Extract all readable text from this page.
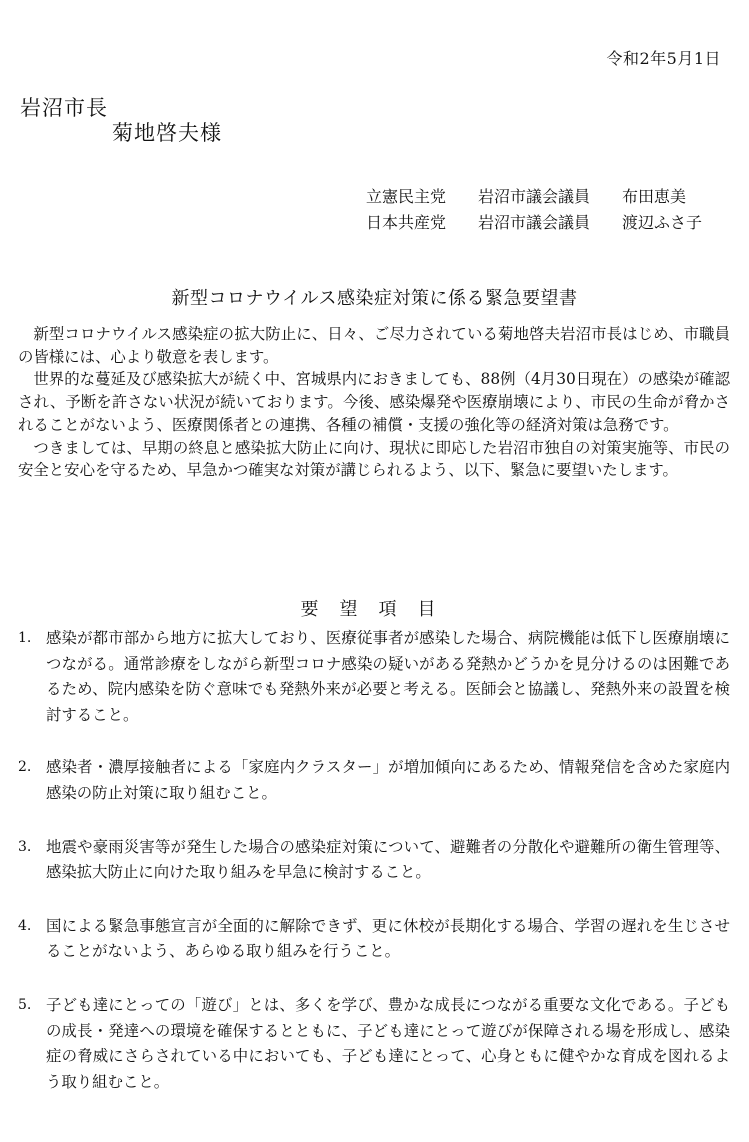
令和2年5月1日
岩沼市長
菊地啓夫様
立憲民主党 岩沼市議会議員 布田恵美
日本共産党 岩沼市議会議員 渡辺ふさ子
新型コロナウイルス感染症対策に係る緊急要望書

新型コロナウイルス感染症の拡大防止に、日々、ご尽力されている菊地啓夫岩沼市長はじめ、市職員の皆様には、心より敬意を表します。

世界的な蔓延及び感染拡大が続く中、宮城県内におきましても、88例（4月30日現在）の感染が確認され、予断を許さない状況が続いております。今後、感染爆発や医療崩壊により、市民の生命が脅かされることがないよう、医療関係者との連携、各種の補償・支援の強化等の経済対策は急務です。

つきましては、早期の終息と感染拡大防止に向け、現状に即応した岩沼市独自の対策実施等、市民の安全と安心を守るため、早急かつ確実な対策が講じられるよう、以下、緊急に要望いたします。

要望項目
1. 感染が都市部から地方に拡大しており、医療従事者が感染した場合、病院機能は低下し医療崩壊につながる。通常診療をしながら新型コロナ感染の疑いがある発熱かどうかを見分けるのは困難であるため、院内感染を防ぐ意味でも発熱外来が必要と考える。医師会と協議し、発熱外来の設置を検討すること。
2. 感染者・濃厚接触者による「家庭内クラスター」が増加傾向にあるため、情報発信を含めた家庭内感染の防止対策に取り組むこと。
3. 地震や豪雨災害等が発生した場合の感染症対策について、避難者の分散化や避難所の衛生管理等、感染拡大防止に向けた取り組みを早急に検討すること。
4. 国による緊急事態宣言が全面的に解除できず、更に休校が長期化する場合、学習の遅れを生じさせることがないよう、あらゆる取り組みを行うこと。
5. 子ども達にとっての「遊び」とは、多くを学び、豊かな成長につながる重要な文化である。子どもの成長・発達への環境を確保するとともに、子ども達にとって遊びが保障される場を形成し、感染症の脅威にさらされている中においても、子ども達にとって、心身ともに健やかな育成を図れるよう取り組むこと。
